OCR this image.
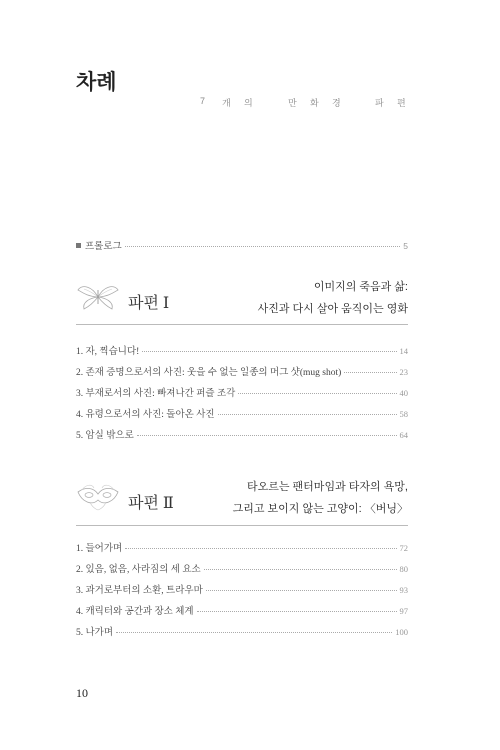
차례
7 개 의	만 화 경	파 편
프롤로그	5
파편 Ⅰ
이미지의 죽음과 삶:
사진과 다시 살아 움직이는 영화
1. 자, 찍습니다!	14
2. 존재 증명으로서의 사진: 웃을 수 없는 일종의 머그 샷(mug shot)	23
3. 부재로서의 사진: 빠져나간 퍼즐 조각	40
4. 유령으로서의 사진: 돌아온 사진	58
5. 암실 밖으로	64
파편 Ⅱ
타오르는 팬터마임과 타자의 욕망,
그리고 보이지 않는 고양이: 〈버닝〉
1. 들어가며	72
2. 있음, 없음, 사라짐의 세 요소	80
3. 과거로부터의 소환, 트라우마	93
4. 캐릭터와 공간과 장소 체계	97
5. 나가며	100
10
